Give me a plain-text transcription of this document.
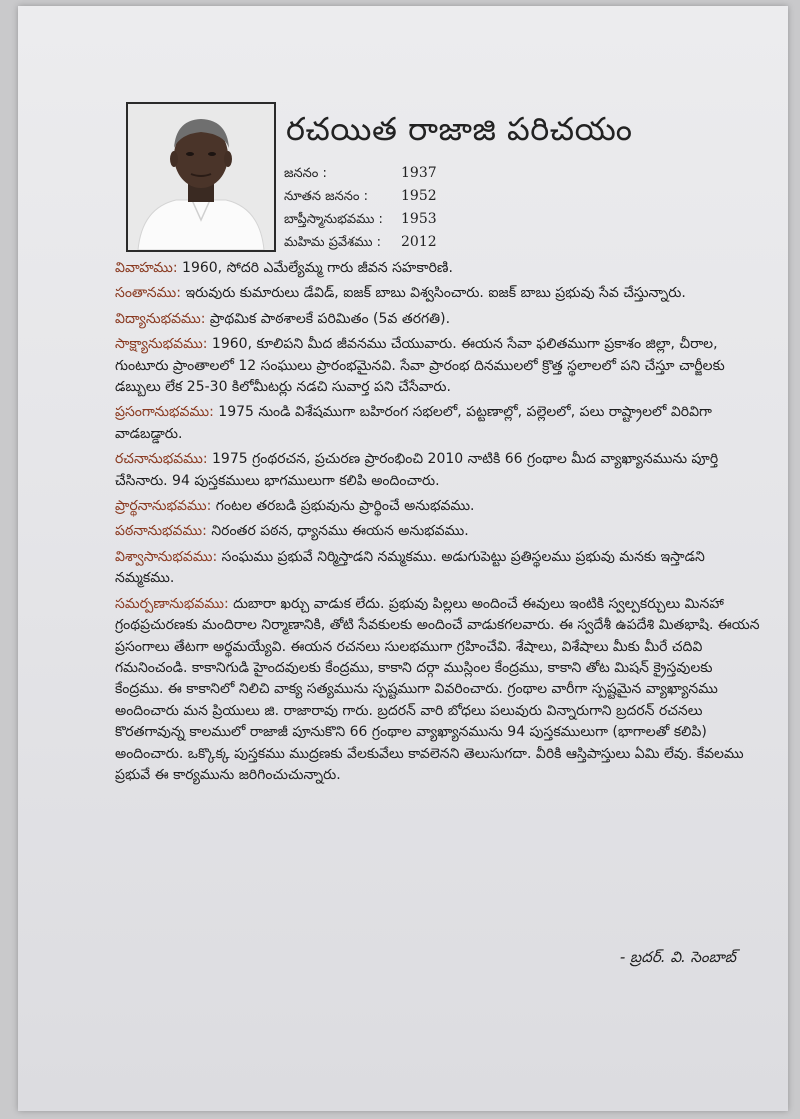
రచయిత రాజాజి పరిచయం
జననం :	1937
నూతన జననం :	1952
బాప్తీస్మానుభవము :	1953
మహిమ ప్రవేశము :	2012

వివాహము: 1960, సోదరి ఎమేల్యేమ్మ గారు జీవన సహకారిణి.

సంతానము: ఇరువురు కుమారులు డేవిడ్, ఐజక్ బాబు విశ్వసించారు. ఐజక్ బాబు ప్రభువు సేవ చేస్తున్నారు.

విద్యానుభవము: ప్రాథమిక పాఠశాలకే పరిమితం (5వ తరగతి).

సాక్ష్యానుభవము: 1960, కూలిపని మీద జీవనము చేయువారు. ఈయన సేవా ఫలితముగా ప్రకాశం జిల్లా, చీరాల, గుంటూరు ప్రాంతాలలో 12 సంఘులు ప్రారంభమైనవి. సేవా ప్రారంభ దినములలో క్రొత్త స్థలాలలో పని చేస్తూ చార్జీలకు డబ్బులు లేక 25-30 కిలోమీటర్లు నడచి సువార్త పని చేసేవారు.

ప్రసంగానుభవము: 1975 నుండి విశేషముగా బహిరంగ సభలలో, పట్టణాల్లో, పల్లెలలో, పలు రాష్ట్రాలలో విరివిగా వాడబడ్డారు.

రచనానుభవము: 1975 గ్రంథరచన, ప్రచురణ ప్రారంభించి 2010 నాటికి 66 గ్రంథాల మీద వ్యాఖ్యానమును పూర్తి చేసినారు. 94 పుస్తకములు భాగములుగా కలిపి అందించారు.

ప్రార్థనానుభవము: గంటల తరబడి ప్రభువును ప్రార్థించే అనుభవము.

పఠనానుభవము: నిరంతర పఠన, ధ్యానము ఈయన అనుభవము.

విశ్వాసానుభవము: సంఘము ప్రభువే నిర్మిస్తాడని నమ్మకము. అడుగుపెట్టు ప్రతిస్థలము ప్రభువు మనకు ఇస్తాడని నమ్మకము.

సమర్పణానుభవము: దుబారా ఖర్చు వాడుక లేదు. ప్రభువు పిల్లలు అందించే ఈవులు ఇంటికి స్వల్పకర్చులు మినహా గ్రంథప్రచురణకు మందిరాల నిర్మాణానికి, తోటి సేవకులకు అందించే వాడుకగలవారు. ఈ స్వదేశీ ఉపదేశి మితభాషి. ఈయన ప్రసంగాలు తేటగా అర్థమయ్యేవి. ఈయన రచనలు సులభముగా గ్రహించేవి. శేషాలు, విశేషాలు మీకు మీరే చదివి గమనించండి. కాకానిగుడి హైందవులకు కేంద్రము, కాకాని దర్గా ముస్లింల కేంద్రము, కాకాని తోట మిషన్ క్రైస్తవులకు కేంద్రము. ఈ కాకానిలో నిలిచి వాక్య సత్యమును స్పష్టముగా వివరించారు. గ్రంథాల వారీగా స్పష్టమైన వ్యాఖ్యానము అందించారు మన ప్రియులు జి. రాజారావు గారు. బ్రదరన్ వారి బోధలు పలువురు విన్నారుగాని బ్రదరన్ రచనలు కొరతగావున్న కాలములో రాజాజీ పూనుకొని 66 గ్రంథాల వ్యాఖ్యానమును 94 పుస్తకములుగా (భాగాలతో కలిపి) అందించారు. ఒక్కొక్క పుస్తకము ముద్రణకు వేలకువేలు కావలెనని తెలుసుగదా. వీరికి ఆస్తిపాస్తులు ఏమి లేవు. కేవలము ప్రభువే ఈ కార్యమును జరిగించుచున్నారు.

- బ్రదర్. వి. సెంబాబ్
